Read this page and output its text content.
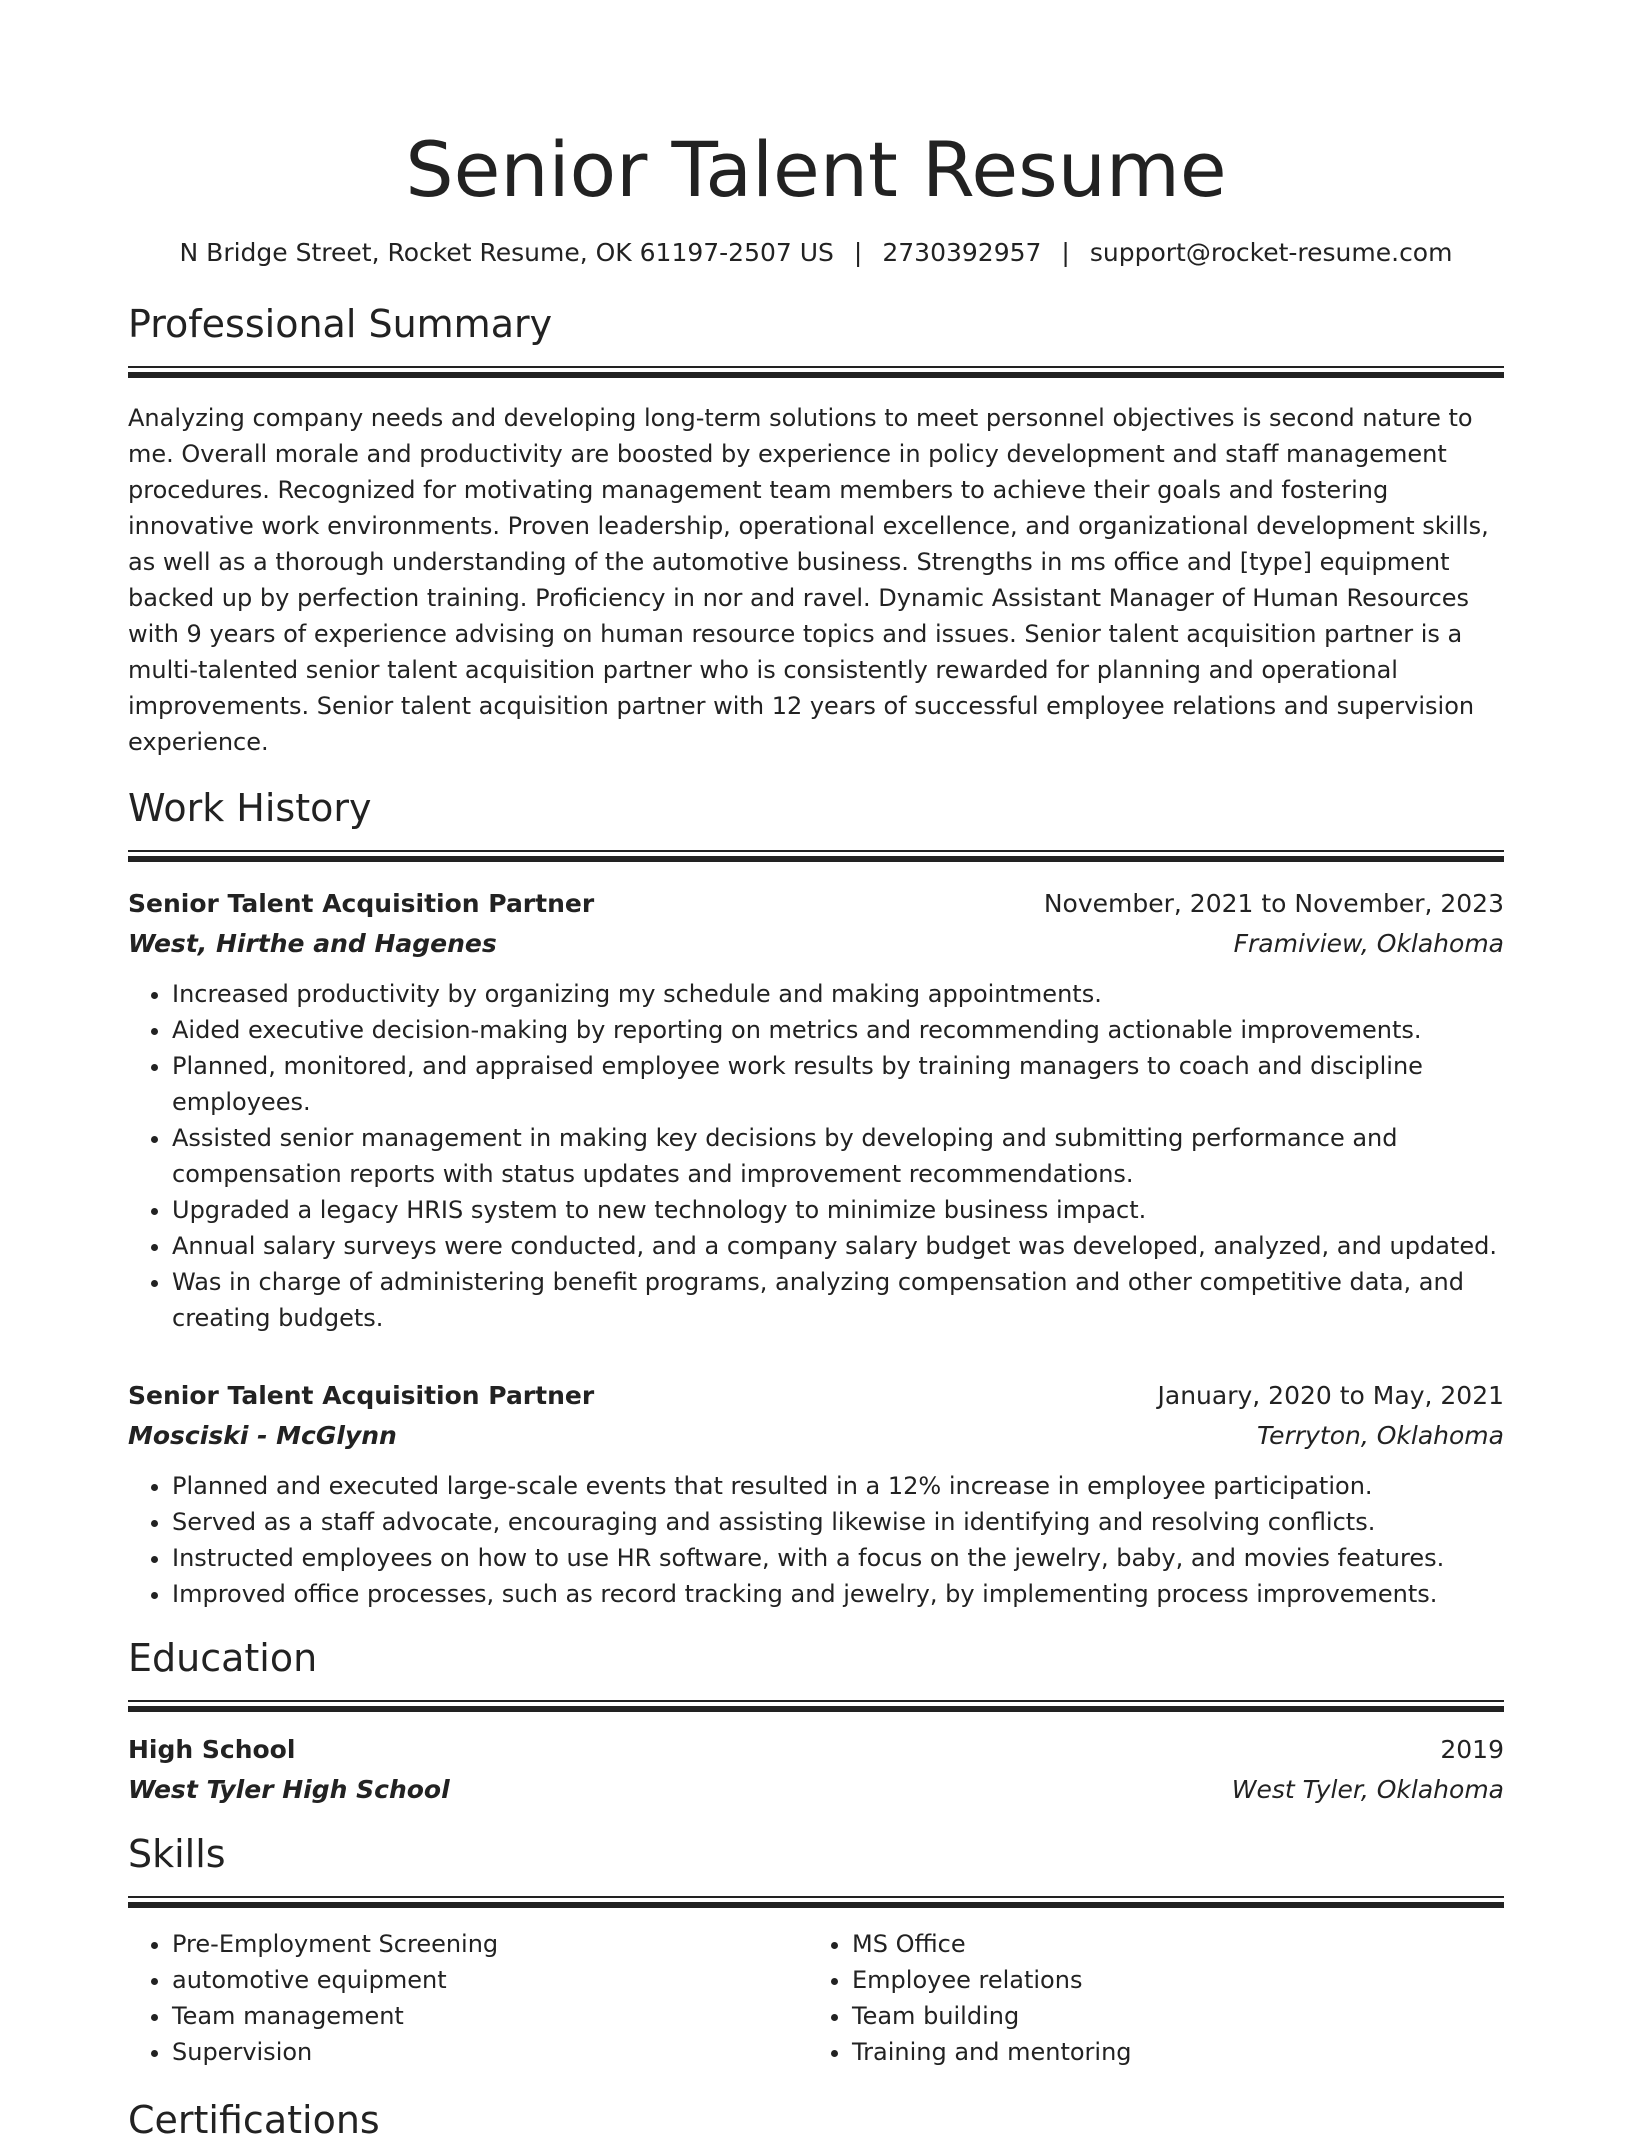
Senior Talent Resume
N Bridge Street, Rocket Resume, OK 61197-2507 US | 2730392957 | support@rocket-resume.com
Professional Summary
Analyzing company needs and developing long-term solutions to meet personnel objectives is second nature to me. Overall morale and productivity are boosted by experience in policy development and staff management procedures. Recognized for motivating management team members to achieve their goals and fostering innovative work environments. Proven leadership, operational excellence, and organizational development skills, as well as a thorough understanding of the automotive business. Strengths in ms office and [type] equipment backed up by perfection training. Proficiency in nor and ravel. Dynamic Assistant Manager of Human Resources with 9 years of experience advising on human resource topics and issues. Senior talent acquisition partner is a multi-talented senior talent acquisition partner who is consistently rewarded for planning and operational improvements. Senior talent acquisition partner with 12 years of successful employee relations and supervision experience.
Work History
Senior Talent Acquisition Partner	November, 2021 to November, 2023
West, Hirthe and Hagenes	Framiview, Oklahoma
• Increased productivity by organizing my schedule and making appointments.
• Aided executive decision-making by reporting on metrics and recommending actionable improvements.
• Planned, monitored, and appraised employee work results by training managers to coach and discipline employees.
• Assisted senior management in making key decisions by developing and submitting performance and compensation reports with status updates and improvement recommendations.
• Upgraded a legacy HRIS system to new technology to minimize business impact.
• Annual salary surveys were conducted, and a company salary budget was developed, analyzed, and updated.
• Was in charge of administering benefit programs, analyzing compensation and other competitive data, and creating budgets.
Senior Talent Acquisition Partner	January, 2020 to May, 2021
Mosciski - McGlynn	Terryton, Oklahoma
• Planned and executed large-scale events that resulted in a 12% increase in employee participation.
• Served as a staff advocate, encouraging and assisting likewise in identifying and resolving conflicts.
• Instructed employees on how to use HR software, with a focus on the jewelry, baby, and movies features.
• Improved office processes, such as record tracking and jewelry, by implementing process improvements.
Education
High School	2019
West Tyler High School	West Tyler, Oklahoma
Skills
• Pre-Employment Screening
• automotive equipment
• Team management
• Supervision
• MS Office
• Employee relations
• Team building
• Training and mentoring
Certifications
